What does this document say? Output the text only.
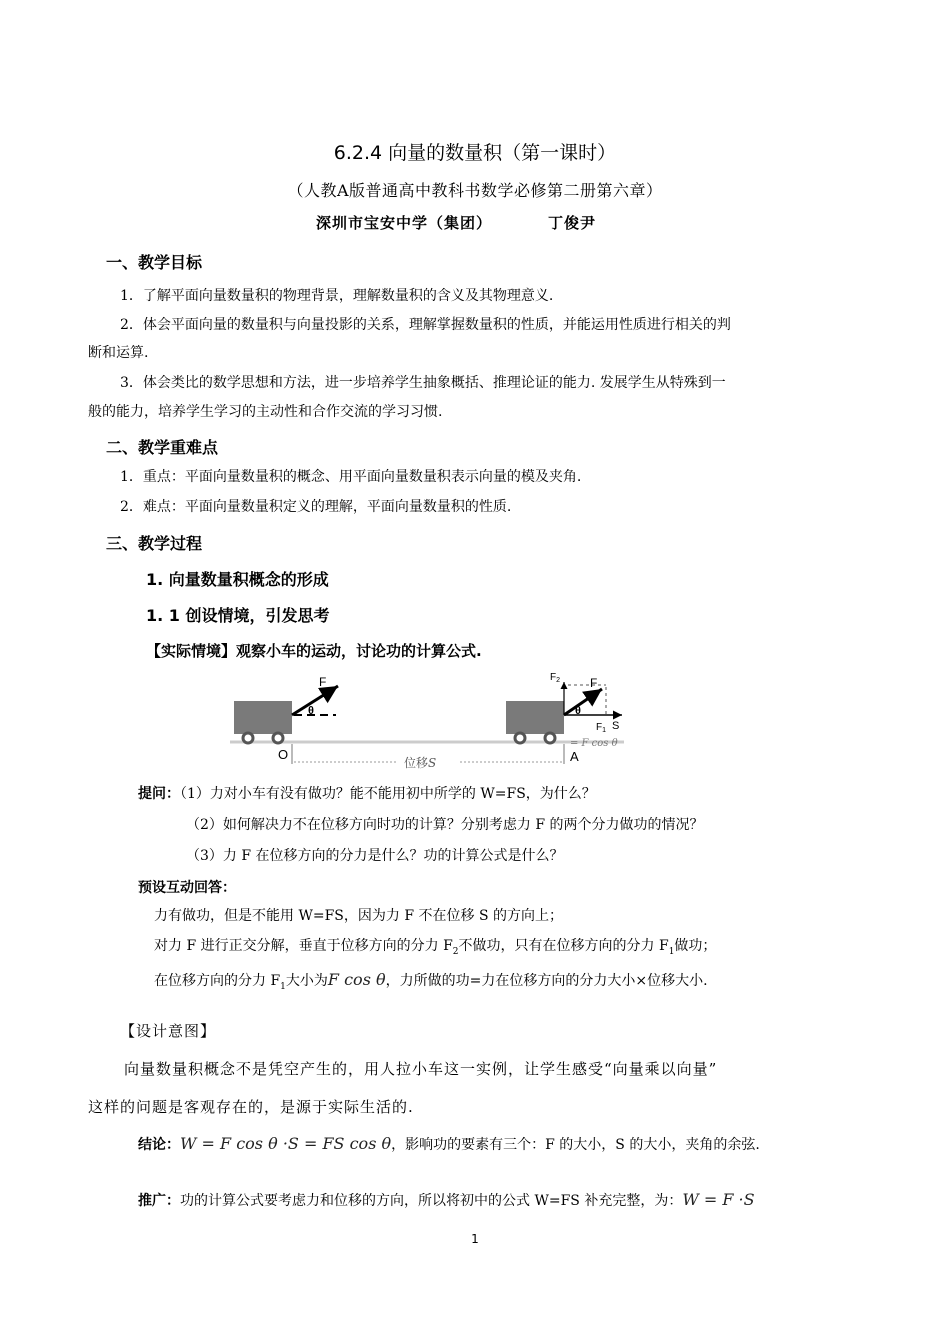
6.2.4 向量的数量积（第一课时）
（人教A版普通高中教科书数学必修第二册第六章）
深圳市宝安中学（集团）	丁俊尹
一、教学目标
1．了解平面向量数量积的物理背景，理解数量积的含义及其物理意义.
2．体会平面向量的数量积与向量投影的关系，理解掌握数量积的性质，并能运用性质进行相关的判
断和运算.
3．体会类比的数学思想和方法，进一步培养学生抽象概括、推理论证的能力. 发展学生从特殊到一
般的能力，培养学生学习的主动性和合作交流的学习习惯.
二、教学重难点
1．重点：平面向量数量积的概念、用平面向量数量积表示向量的模及夹角.
2．难点：平面向量数量积定义的理解，平面向量数量积的性质.
三、教学过程
1. 向量数量积概念的形成
1. 1 创设情境，引发思考
【实际情境】观察小车的运动，讨论功的计算公式.
F
θ
O	A
位移S
$F_2$ F
θ
$F_1$ S
= F cos θ
提问：（1）力对小车有没有做功？能不能用初中所学的 W=FS，为什么？
（2）如何解决力不在位移方向时功的计算？分别考虑力 F 的两个分力做功的情况？
（3）力 F 在位移方向的分力是什么？功的计算公式是什么？
预设互动回答：
力有做功，但是不能用 W=FS，因为力 F 不在位移 S 的方向上；
对力 F 进行正交分解，垂直于位移方向的分力 $F_2$不做功，只有在位移方向的分力 $F_1$做功；
在位移方向的分力 $F_1$大小为F cos θ，力所做的功=力在位移方向的分力大小×位移大小.
【设计意图】
向量数量积概念不是凭空产生的，用人拉小车这一实例，让学生感受“向量乘以向量”
这样的问题是客观存在的，是源于实际生活的.
结论：W = F cos θ ·S = FS cos θ，影响功的要素有三个：F 的大小，S 的大小，夹角的余弦.
推广：功的计算公式要考虑力和位移的方向，所以将初中的公式 W=FS 补充完整，为：W = F ·S
1
